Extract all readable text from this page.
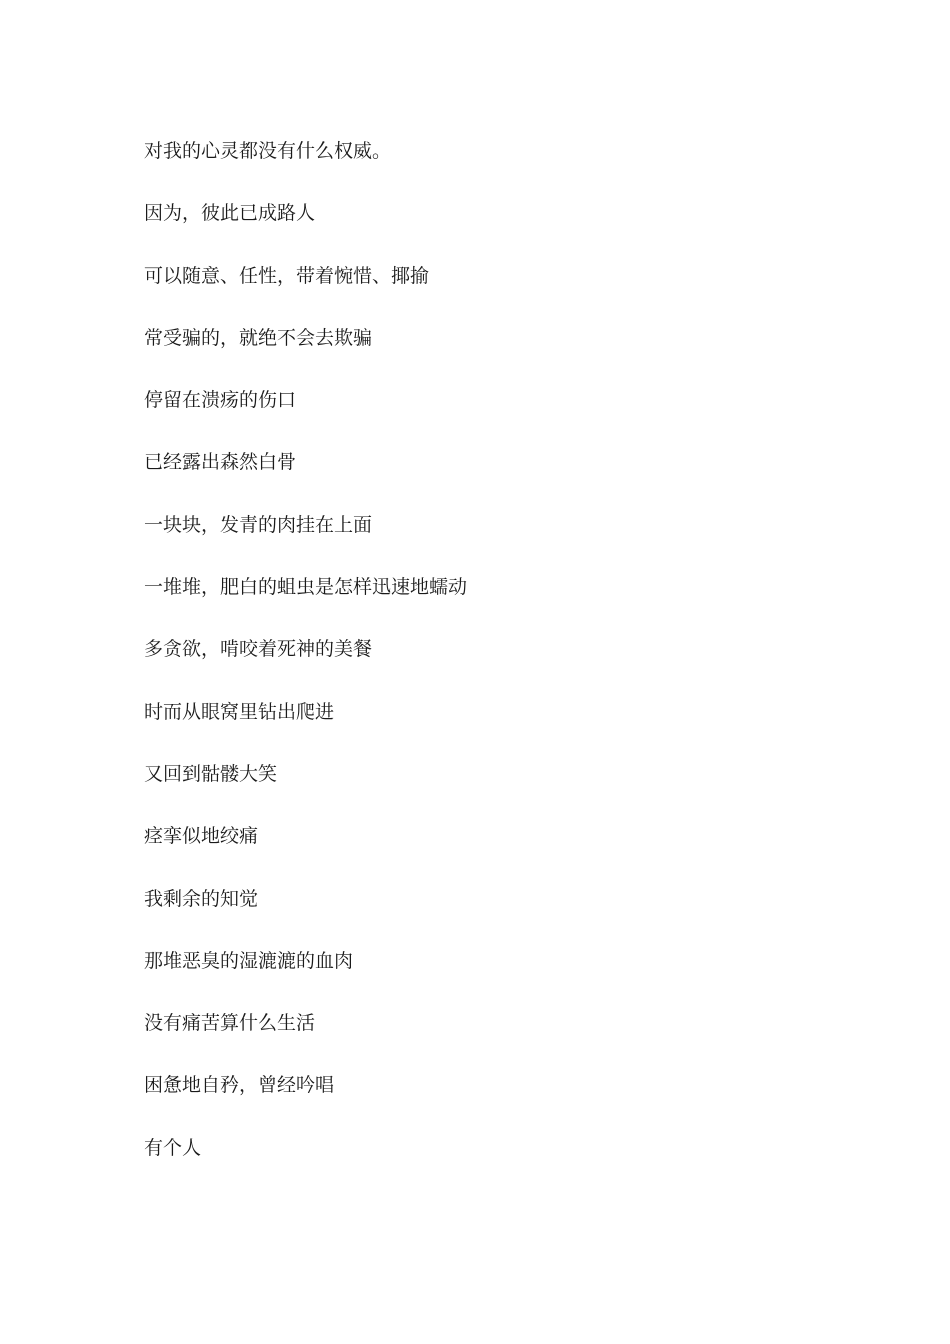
对我的心灵都没有什么权威。
因为，彼此已成路人
可以随意、任性，带着惋惜、揶揄
常受骗的，就绝不会去欺骗
停留在溃疡的伤口
已经露出森然白骨
一块块，发青的肉挂在上面
一堆堆，肥白的蛆虫是怎样迅速地蠕动
多贪欲，啃咬着死神的美餐
时而从眼窝里钻出爬进
又回到骷髅大笑
痉挛似地绞痛
我剩余的知觉
那堆恶臭的湿漉漉的血肉
没有痛苦算什么生活
困惫地自矜，曾经吟唱
有个人
